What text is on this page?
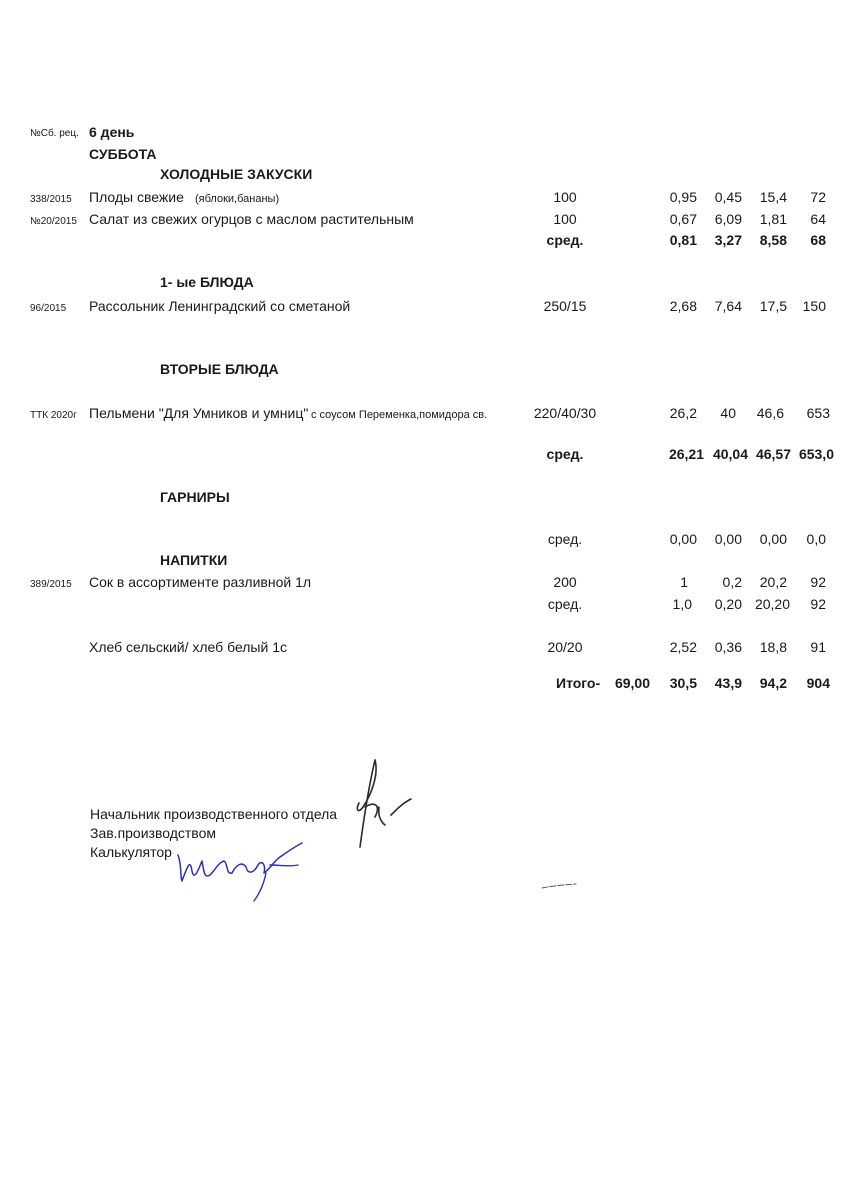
№Сб. рец. 6 день
СУББОТА
ХОЛОДНЫЕ ЗАКУСКИ
338/2015 Плоды свежие (яблоки,бананы)	100	0,95	0,45	15,4	72
№20/2015 Салат из свежих огурцов с маслом растительным	100	0,67	6,09	1,81	64
сред.	0,81	3,27	8,58	68
1- ые БЛЮДА
96/2015 Рассольник Ленинградский со сметаной	250/15	2,68	7,64	17,5	150
ВТОРЫЕ БЛЮДА
ТТК 2020г Пельмени "Для Умников и умниц" с соусом Переменка,помидора св.	220/40/30	26,2	40	46,6	653
сред.	26,21 40,04 46,57 653,0
ГАРНИРЫ
сред.	0,00	0,00	0,00	0,0
НАПИТКИ
389/2015 Сок в ассортименте разливной 1л	200	1	0,2	20,2	92
сред.	1,0	0,20 20,20	92
Хлеб сельский/ хлеб белый 1с	20/20	2,52	0,36	18,8	91
Итого-	69,00	30,5	43,9	94,2	904
Начальник производственного отдела
Зав.производством
Калькулятор
